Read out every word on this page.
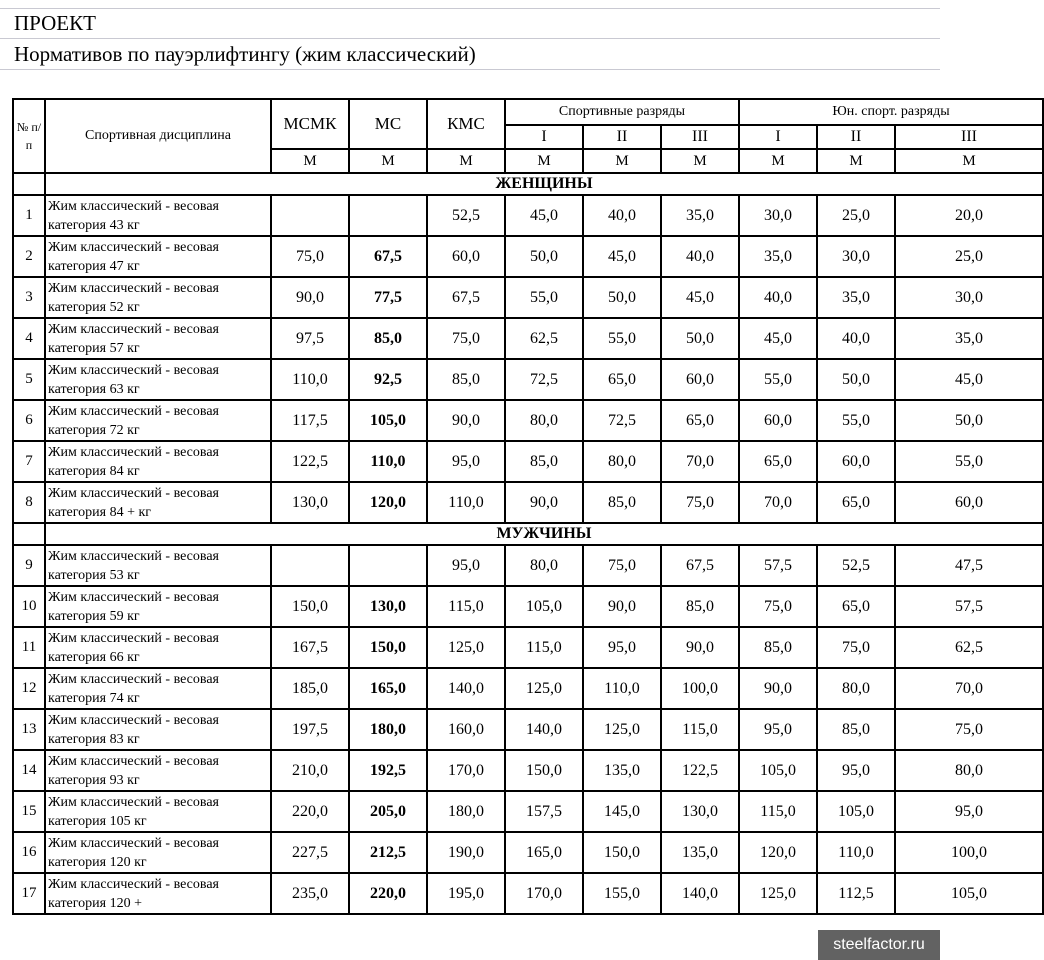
ПРОЕКТ
Нормативов по пауэрлифтингу (жим классический)
№ п/п	Спортивная дисциплина	МСМК	МС	КМС	Спортивные разряды			Юн. спорт. разряды		
					I	II	III	I	II	III
		М	М	М	М	М	М	М	М	М
	ЖЕНЩИНЫ									
1	Жим классический - весовая категория 43 кг			52,5	45,0	40,0	35,0	30,0	25,0	20,0
2	Жим классический - весовая категория 47 кг	75,0	67,5	60,0	50,0	45,0	40,0	35,0	30,0	25,0
3	Жим классический - весовая категория 52 кг	90,0	77,5	67,5	55,0	50,0	45,0	40,0	35,0	30,0
4	Жим классический - весовая категория 57 кг	97,5	85,0	75,0	62,5	55,0	50,0	45,0	40,0	35,0
5	Жим классический - весовая категория 63 кг	110,0	92,5	85,0	72,5	65,0	60,0	55,0	50,0	45,0
6	Жим классический - весовая категория 72 кг	117,5	105,0	90,0	80,0	72,5	65,0	60,0	55,0	50,0
7	Жим классический - весовая категория 84 кг	122,5	110,0	95,0	85,0	80,0	70,0	65,0	60,0	55,0
8	Жим классический - весовая категория 84 + кг	130,0	120,0	110,0	90,0	85,0	75,0	70,0	65,0	60,0
	МУЖЧИНЫ									
9	Жим классический - весовая категория 53 кг			95,0	80,0	75,0	67,5	57,5	52,5	47,5
10	Жим классический - весовая категория 59 кг	150,0	130,0	115,0	105,0	90,0	85,0	75,0	65,0	57,5
11	Жим классический - весовая категория 66 кг	167,5	150,0	125,0	115,0	95,0	90,0	85,0	75,0	62,5
12	Жим классический - весовая категория 74 кг	185,0	165,0	140,0	125,0	110,0	100,0	90,0	80,0	70,0
13	Жим классический - весовая категория 83 кг	197,5	180,0	160,0	140,0	125,0	115,0	95,0	85,0	75,0
14	Жим классический - весовая категория 93 кг	210,0	192,5	170,0	150,0	135,0	122,5	105,0	95,0	80,0
15	Жим классический - весовая категория 105 кг	220,0	205,0	180,0	157,5	145,0	130,0	115,0	105,0	95,0
16	Жим классический - весовая категория 120 кг	227,5	212,5	190,0	165,0	150,0	135,0	120,0	110,0	100,0
17	Жим классический - весовая категория 120 +	235,0	220,0	195,0	170,0	155,0	140,0	125,0	112,5	105,0
steelfactor.ru
